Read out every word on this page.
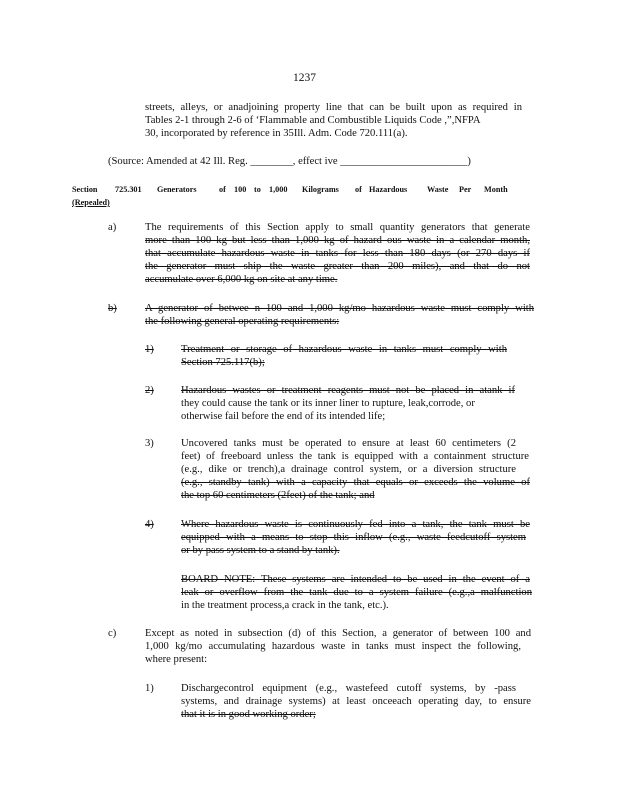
1237
streets, alleys, or anadjoining property line that can be built upon as required in
Tables 2-1 through 2-6 of ‘Flammable and Combustible Liquids Code ,”,NFPA
30, incorporated by reference in 35Ill. Adm. Code 720.111(a).
(Source: Amended at 42 Ill. Reg. ________, effect ive ________________________)
Section 725.301 Generators	of 100 to 1,000 Kilograms of Hazardous Waste Per Month
(Repealed)
a)	The requirements of this Section apply to small quantity generators that generate
more than 100 kg but less than 1,000 kg of hazard ous waste in a calendar month,
that accumulate hazardous waste in tanks for less than 180 days (or 270 days if
the generator must ship the waste greater than 200 miles), and that do not
accumulate over 6,000 kg on site at any time.
b)	A generator of betwee n 100 and 1,000 kg/mo hazardous waste must comply with
the following general operating requirements:
1)	Treatment or storage of hazardous waste in tanks must comply with
Section 725.117(b);
2)	Hazardous wastes or treatment reagents must not be placed in atank if
they could cause the tank or its inner liner to rupture, leak,corrode, or
otherwise fail before the end of its intended life;
3)	Uncovered tanks must be operated to ensure at least 60 centimeters (2
feet) of freeboard unless the tank is equipped with a containment structure
(e.g., dike or trench),a drainage control system, or a diversion structure
(e.g., standby tank) with a capacity that equals or exceeds the volume of
the top 60 centimeters (2feet) of the tank; and
4)	Where hazardous waste is continuously fed into a tank, the tank must be
equipped with a means to stop this inflow (e.g., waste feedcutoff system
or by pass system to a stand by tank).
BOARD NOTE: These systems are intended to be used in the event of a
leak or overflow from the tank due to a system failure (e.g.,a malfunction
in the treatment process,a crack in the tank, etc.).
c)	Except as noted in subsection (d) of this Section, a generator of between 100 and
1,000 kg/mo accumulating hazardous waste in tanks must inspect the following,
where present:
1)	Dischargecontrol equipment (e.g., wastefeed cutoff systems, by -pass
systems, and drainage systems) at least onceeach operating day, to ensure
that it is in good working order;
